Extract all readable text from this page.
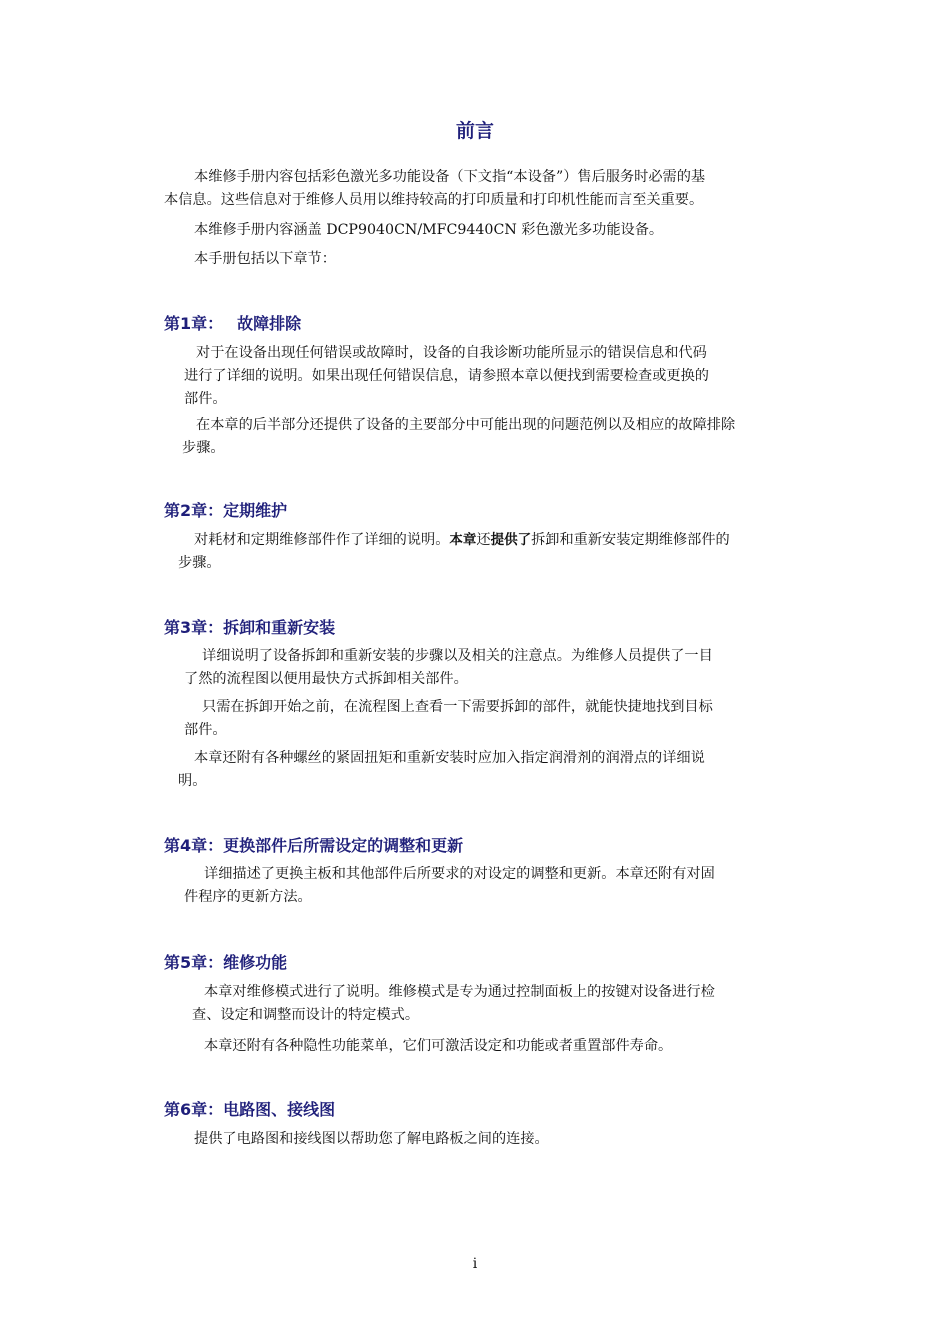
前言
本维修手册内容包括彩色激光多功能设备（下文指“本设备”）售后服务时必需的基
本信息。这些信息对于维修人员用以维持较高的打印质量和打印机性能而言至关重要。
本维修手册内容涵盖 DCP9040CN/MFC9440CN 彩色激光多功能设备。
本手册包括以下章节：
第1章： 故障排除
对于在设备出现任何错误或故障时，设备的自我诊断功能所显示的错误信息和代码
进行了详细的说明。如果出现任何错误信息，请参照本章以便找到需要检查或更换的
部件。
在本章的后半部分还提供了设备的主要部分中可能出现的问题范例以及相应的故障排除
步骤。
第2章：定期维护
对耗材和定期维修部件作了详细的说明。本章还提供了拆卸和重新安装定期维修部件的
步骤。
第3章：拆卸和重新安装
详细说明了设备拆卸和重新安装的步骤以及相关的注意点。为维修人员提供了一目
了然的流程图以便用最快方式拆卸相关部件。
只需在拆卸开始之前，在流程图上查看一下需要拆卸的部件，就能快捷地找到目标
部件。
本章还附有各种螺丝的紧固扭矩和重新安装时应加入指定润滑剂的润滑点的详细说
明。
第4章：更换部件后所需设定的调整和更新
详细描述了更换主板和其他部件后所要求的对设定的调整和更新。本章还附有对固
件程序的更新方法。
第5章：维修功能
本章对维修模式进行了说明。维修模式是专为通过控制面板上的按键对设备进行检
查、设定和调整而设计的特定模式。
本章还附有各种隐性功能菜单，它们可激活设定和功能或者重置部件寿命。
第6章：电路图、接线图
提供了电路图和接线图以帮助您了解电路板之间的连接。
i
